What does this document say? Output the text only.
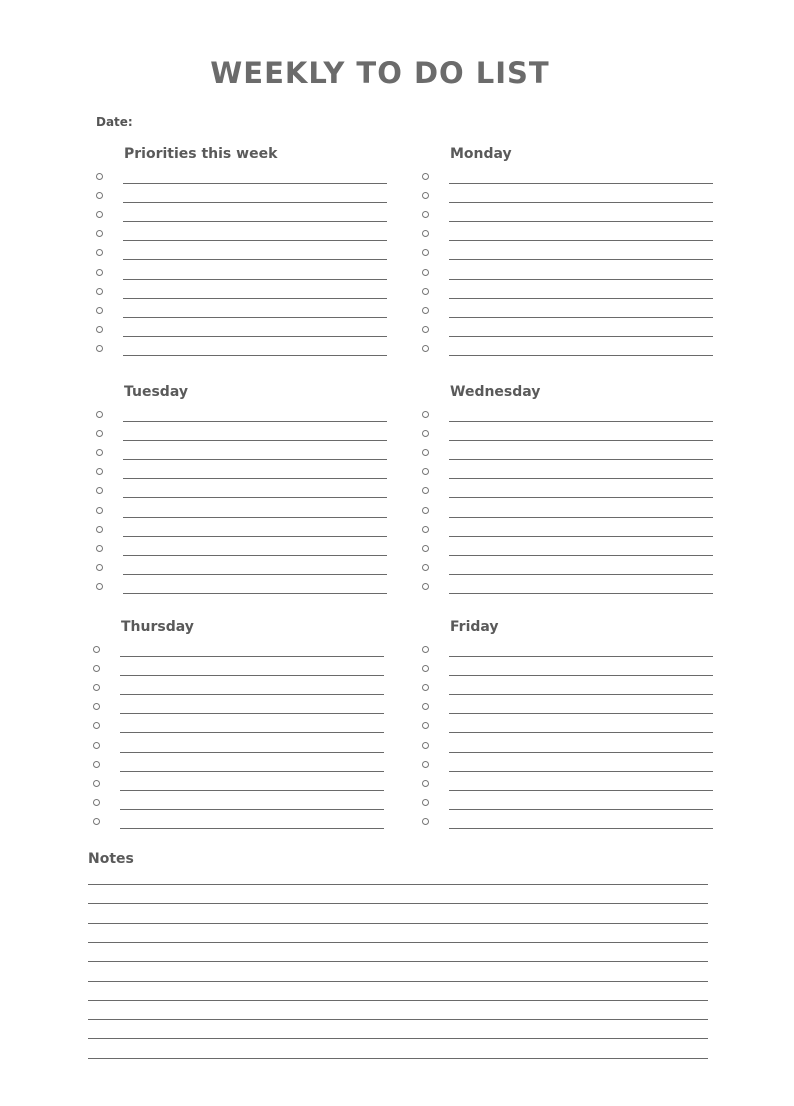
WEEKLY TO DO LIST
Date:
Priorities this week	Monday
Tuesday	Wednesday
Thursday	Friday
Notes
